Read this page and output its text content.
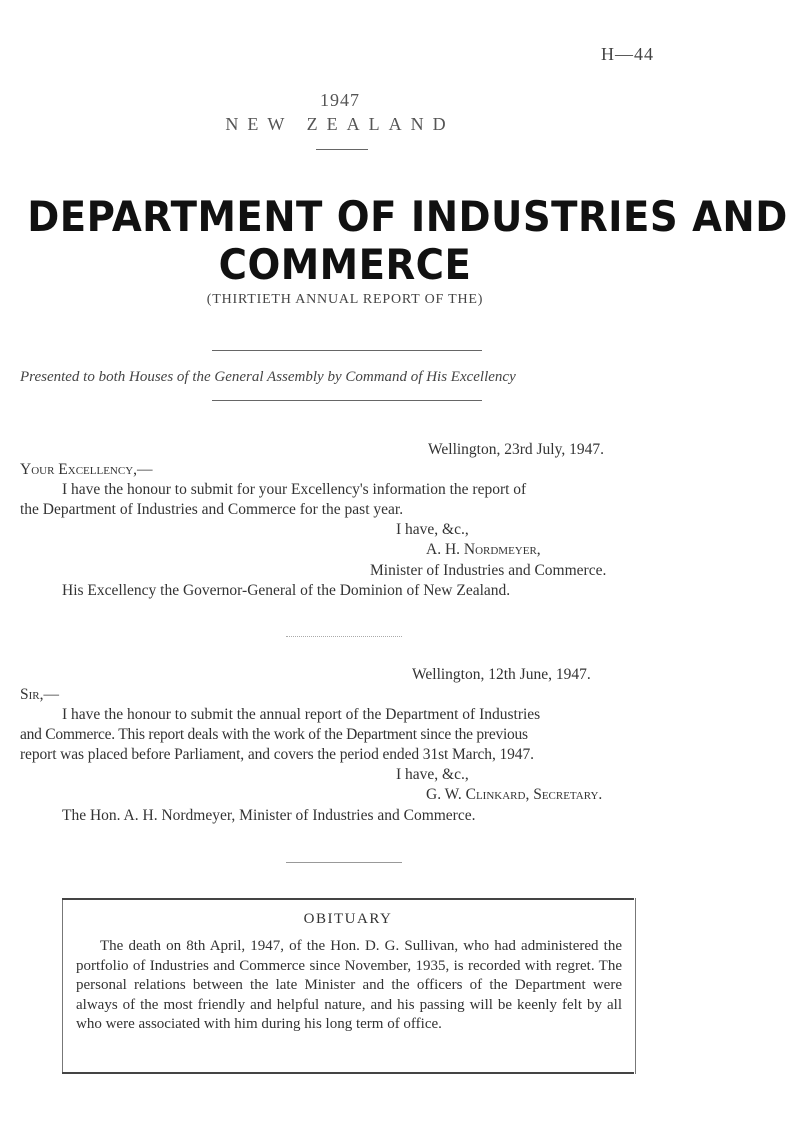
H—44
1947
NEW ZEALAND
DEPARTMENT OF INDUSTRIES AND
COMMERCE
(THIRTIETH ANNUAL REPORT OF THE)
Presented to both Houses of the General Assembly by Command of His Excellency
Wellington, 23rd July, 1947.
Your Excellency,—
I have the honour to submit for your Excellency's information the report of
the Department of Industries and Commerce for the past year.
I have, &c.,
A. H. Nordmeyer,
Minister of Industries and Commerce.
His Excellency the Governor-General of the Dominion of New Zealand.
Wellington, 12th June, 1947.
Sir,—
I have the honour to submit the annual report of the Department of Industries
and Commerce. This report deals with the work of the Department since the previous
report was placed before Parliament, and covers the period ended 31st March, 1947.
I have, &c.,
G. W. Clinkard, Secretary.
The Hon. A. H. Nordmeyer, Minister of Industries and Commerce.
OBITUARY
The death on 8th April, 1947, of the Hon. D. G. Sullivan, who had administered the portfolio of Industries and Commerce since November, 1935, is recorded with regret. The personal relations between the late Minister and the officers of the Department were always of the most friendly and helpful nature, and his passing will be keenly felt by all who were associated with him during his long term of office.
